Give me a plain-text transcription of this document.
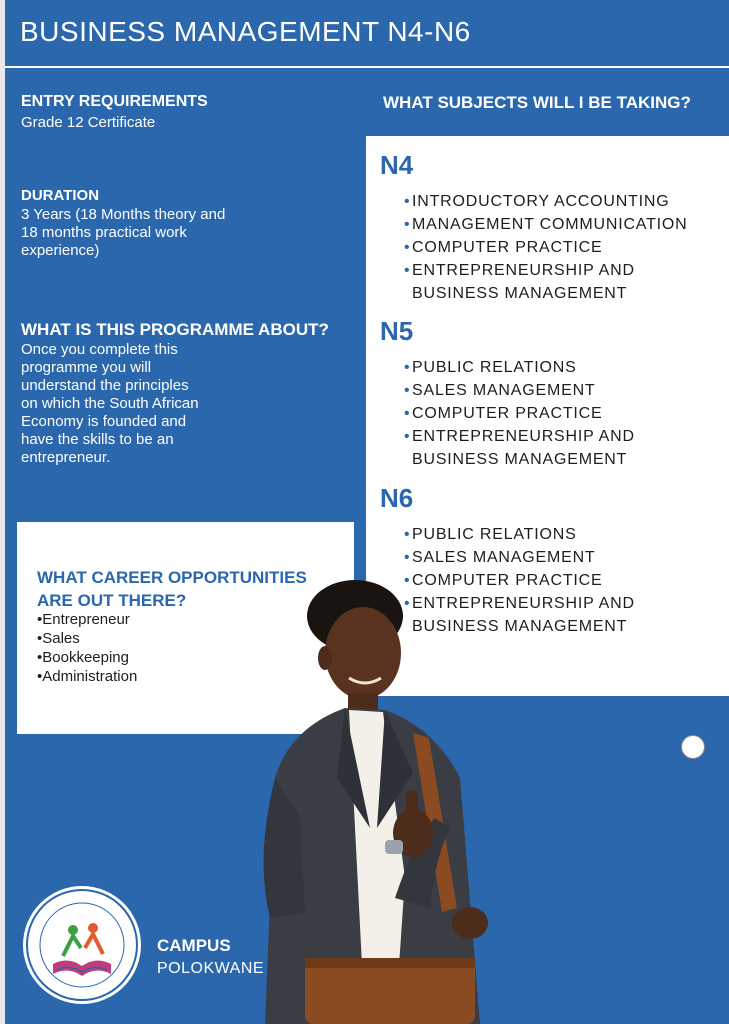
BUSINESS MANAGEMENT N4-N6
ENTRY REQUIREMENTS

Grade 12 Certificate

DURATION
3 Years (18 Months theory and
18 months practical work
experience)
WHAT IS THIS PROGRAMME ABOUT?
Once you complete this
programme you will
understand the principles
on which the South African
Economy is founded and
have the skills to be an
entrepreneur.
WHAT SUBJECTS WILL I BE TAKING?
N4
• INTRODUCTORY ACCOUNTING
• MANAGEMENT COMMUNICATION
• COMPUTER PRACTICE
• ENTREPRENEURSHIP AND BUSINESS MANAGEMENT
N5
• PUBLIC RELATIONS
• SALES MANAGEMENT
• COMPUTER PRACTICE
• ENTREPRENEURSHIP AND BUSINESS MANAGEMENT
N6
• PUBLIC RELATIONS
• SALES MANAGEMENT
• COMPUTER PRACTICE
• ENTREPRENEURSHIP AND BUSINESS MANAGEMENT
WHAT CAREER OPPORTUNITIES
ARE OUT THERE?
•Entrepreneur
•Sales
•Bookkeeping
•Administration

CAMPUS

POLOKWANE
